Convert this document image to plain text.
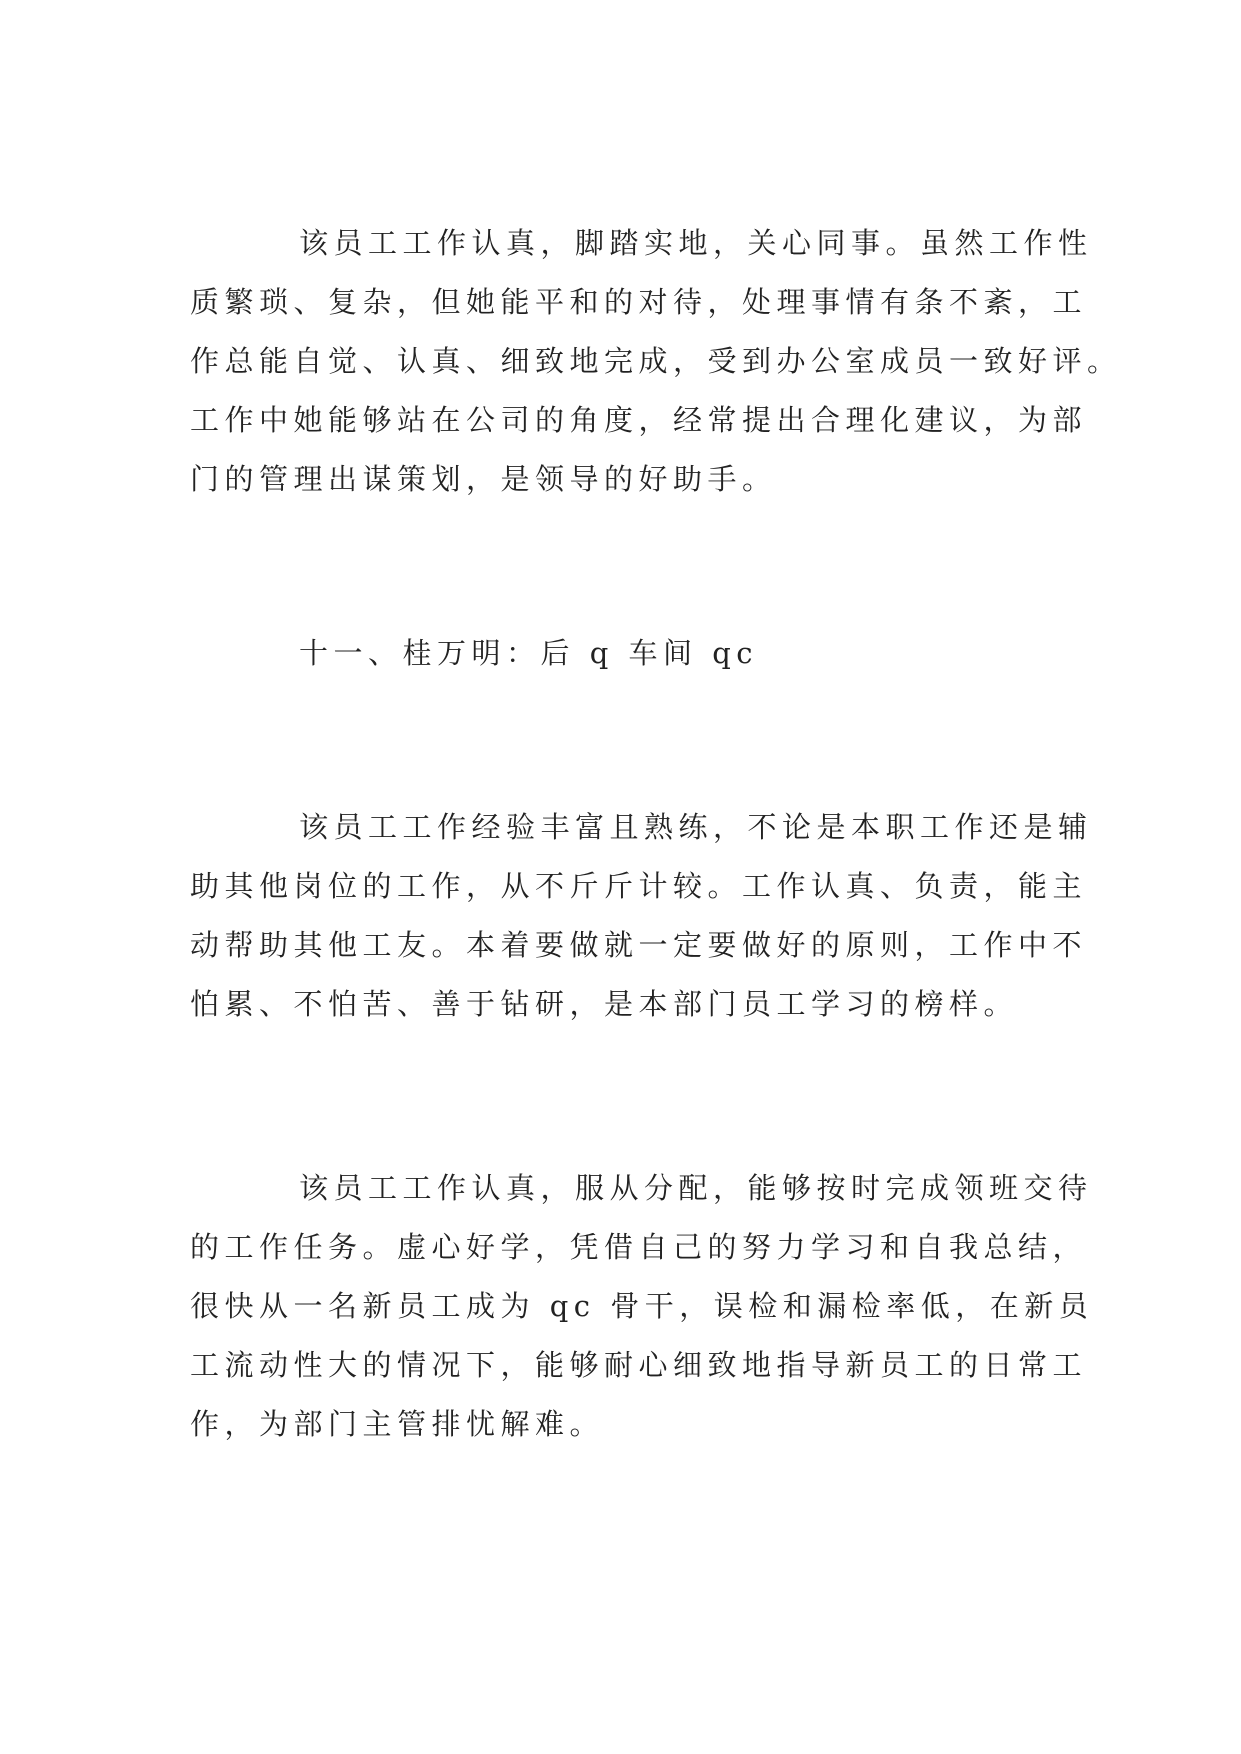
该员工工作认真，脚踏实地，关心同事。虽然工作性
质繁琐、复杂，但她能平和的对待，处理事情有条不紊，工
作总能自觉、认真、细致地完成，受到办公室成员一致好评。
工作中她能够站在公司的角度，经常提出合理化建议，为部
门的管理出谋策划，是领导的好助手。
十一、桂万明：后 q 车间 qc
该员工工作经验丰富且熟练，不论是本职工作还是辅
助其他岗位的工作，从不斤斤计较。工作认真、负责，能主
动帮助其他工友。本着要做就一定要做好的原则，工作中不
怕累、不怕苦、善于钻研，是本部门员工学习的榜样。
该员工工作认真，服从分配，能够按时完成领班交待
的工作任务。虚心好学，凭借自己的努力学习和自我总结，
很快从一名新员工成为 qc 骨干，误检和漏检率低，在新员
工流动性大的情况下，能够耐心细致地指导新员工的日常工
作，为部门主管排忧解难。
